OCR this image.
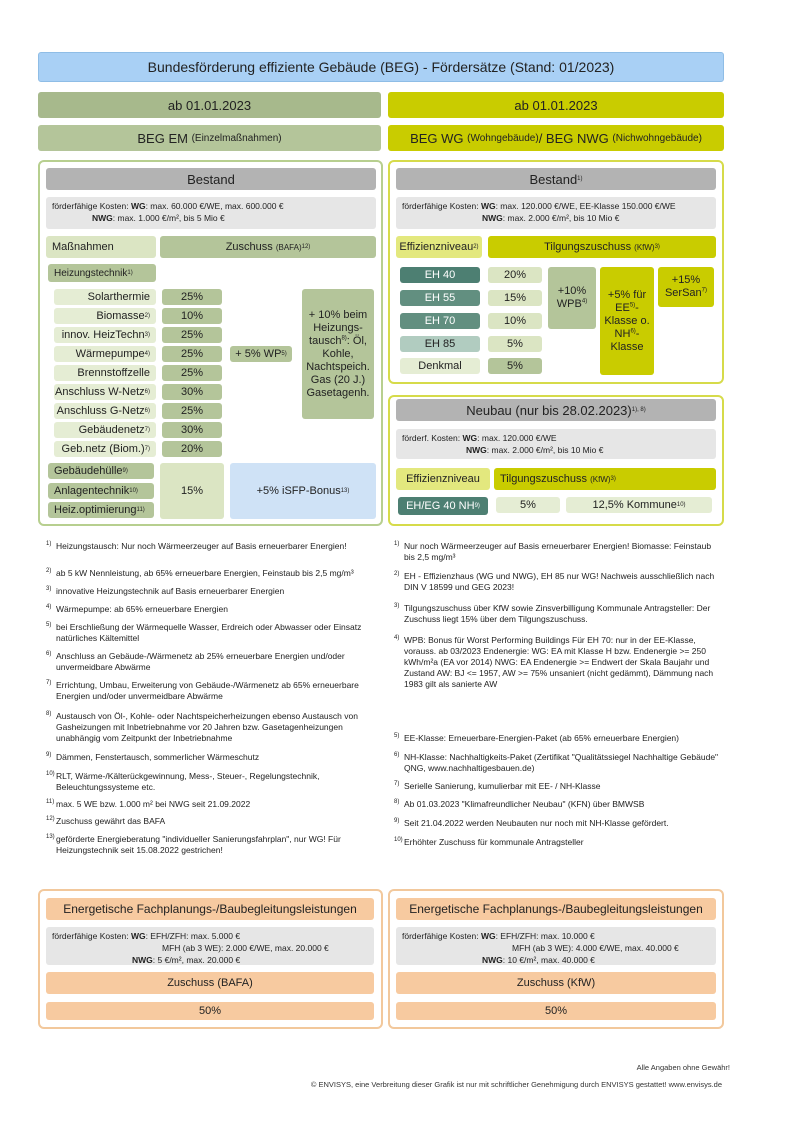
Bundesförderung effiziente Gebäude (BEG) - Fördersätze (Stand: 01/2023)
ab 01.01.2023
BEG EM
(Einzelmaßnahmen)
ab 01.01.2023
BEG WG
(Wohngebäude) / BEG NWG
(Nichwohngebäude)
Bestand
förderfähige Kosten: WG: max. 60.000 €/WE, max. 600.000 €
NWG: max. 1.000 €/m², bis 5 Mio €
Maßnahmen	Zuschuss
(BAFA) 12)
Heizungstechnik 1)
Solarthermie	25%
Biomasse 2)	10%
innov. HeizTechn 3)	25%
Wärmepumpe 4)	25%
Brennstoffzelle	25%
Anschluss W-Netz 6)	30%
Anschluss G-Netz 6)	25%
Gebäudenetz 7)	30%
Geb.netz (Biom.) 7)	20%
+ 5% WP 5)
+ 10% beim Heizungs-tausch$^{8)}$: Öl, Kohle, Nachtspeich. Gas (20 J.) Gasetagenh.
Gebäudehülle 9)
Anlagentechnik 10)
Heiz.optimierung 11)
15%	+5% iSFP-Bonus 13)
Bestand 1)
förderfähige Kosten: WG: max. 120.000 €/WE, EE-Klasse 150.000 €/WE
NWG: max. 2.000 €/m², bis 10 Mio €
Effizienzniveau 2)	Tilgungszuschuss
(KfW) 3)
EH 40	20%
EH 55	15%
EH 70	10%
EH 85	5%
Denkmal	5%
+10% $WPB^{4)}$
+5% für EE$^{5)}$-Klasse o. $NH^{6)}$-Klasse
+15% SerSan$^{7)}$
Neubau (nur bis 28.02.2023) 1), 8)
förderf. Kosten: WG: max. 120.000 €/WE
NWG: max. 2.000 €/m², bis 10 Mio €
Effizienzniveau Tilgungszuschuss
(KfW) 3)
EH/EG 40 NH 9)	5%	12,5% Kommune 10)
1) Heizungstausch: Nur noch Wärmeerzeuger auf Basis erneuerbarer Energien!
2) ab 5 kW Nennleistung, ab 65% erneuerbare Energien, Feinstaub bis 2,5 mg/m³
3) innovative Heizungstechnik auf Basis erneuerbarer Energien
4) Wärmepumpe: ab 65% erneuerbare Energien
5) bei Erschließung der Wärmequelle Wasser, Erdreich oder Abwasser oder Einsatz natürliches Kältemittel
6) Anschluss an Gebäude-/Wärmenetz ab 25% erneuerbare Energien und/oder unvermeidbare Abwärme
7) Errichtung, Umbau, Erweiterung von Gebäude-/Wärmenetz ab 65% erneuerbare Energien und/oder unvermeidbare Abwärme
8) Austausch von Öl-, Kohle- oder Nachtspeicherheizungen ebenso Austausch von Gasheizungen mit Inbetriebnahme vor 20 Jahren bzw. Gasetagenheizungen unabhängig vom Zeitpunkt der Inbetriebnahme
9) Dämmen, Fenstertausch, sommerlicher Wärmeschutz
10) RLT, Wärme-/Kälterückgewinnung, Mess-, Steuer-, Regelungstechnik, Beleuchtungssysteme etc.
11) max. 5 WE bzw. 1.000 m² bei NWG seit 21.09.2022
12) Zuschuss gewährt das BAFA
13) geförderte Energieberatung "individueller Sanierungsfahrplan", nur WG! Für Heizungstechnik seit 15.08.2022 gestrichen!
1) Nur noch Wärmeerzeuger auf Basis erneuerbarer Energien! Biomasse: Feinstaub bis 2,5 mg/m³
2) EH - Effizienzhaus (WG und NWG), EH 85 nur WG! Nachweis ausschließlich nach DIN V 18599 und GEG 2023!
3) Tilgungszuschuss über KfW sowie Zinsverbilligung Kommunale Antragsteller: Der Zuschuss liegt 15% über dem Tilgungszuschuss.
4) WPB: Bonus für Worst Performing Buildings Für EH 70: nur in der EE-Klasse, vorauss. ab 03/2023 Endenergie: WG: EA mit Klasse H bzw. Endenergie >= 250 kWh/m²a (EA vor 2014) NWG: EA Endenergie >= Endwert der Skala Baujahr und Zustand AW: BJ <= 1957, AW >= 75% unsaniert (nicht gedämmt), Dämmung nach 1983 gilt als sanierte AW
5) EE-Klasse: Erneuerbare-Energien-Paket (ab 65% erneuerbare Energien)
6) NH-Klasse: Nachhaltigkeits-Paket (Zertifikat "Qualitätssiegel Nachhaltige Gebäude" QNG, www.nachhaltigesbauen.de)
7) Serielle Sanierung, kumulierbar mit EE- / NH-Klasse
8) Ab 01.03.2023 "Klimafreundlicher Neubau" (KFN) über BMWSB
9) Seit 21.04.2022 werden Neubauten nur noch mit NH-Klasse gefördert.
10) Erhöhter Zuschuss für kommunale Antragsteller
Energetische Fachplanungs-/Baubegleitungsleistungen
förderfähige Kosten: WG: EFH/ZFH: max. 5.000 €
MFH (ab 3 WE): 2.000 €/WE, max. 20.000 €
NWG: 5 €/m², max. 20.000 €
Zuschuss (BAFA)
50%
Energetische Fachplanungs-/Baubegleitungsleistungen
förderfähige Kosten: WG: EFH/ZFH: max. 10.000 €
MFH (ab 3 WE): 4.000 €/WE, max. 40.000 €
NWG: 10 €/m², max. 40.000 €
Zuschuss (KfW)
50%
Alle Angaben ohne Gewähr!
© ENVISYS, eine Verbreitung dieser Grafik ist nur mit schriftlicher Genehmigung durch ENVISYS gestattet! www.envisys.de
